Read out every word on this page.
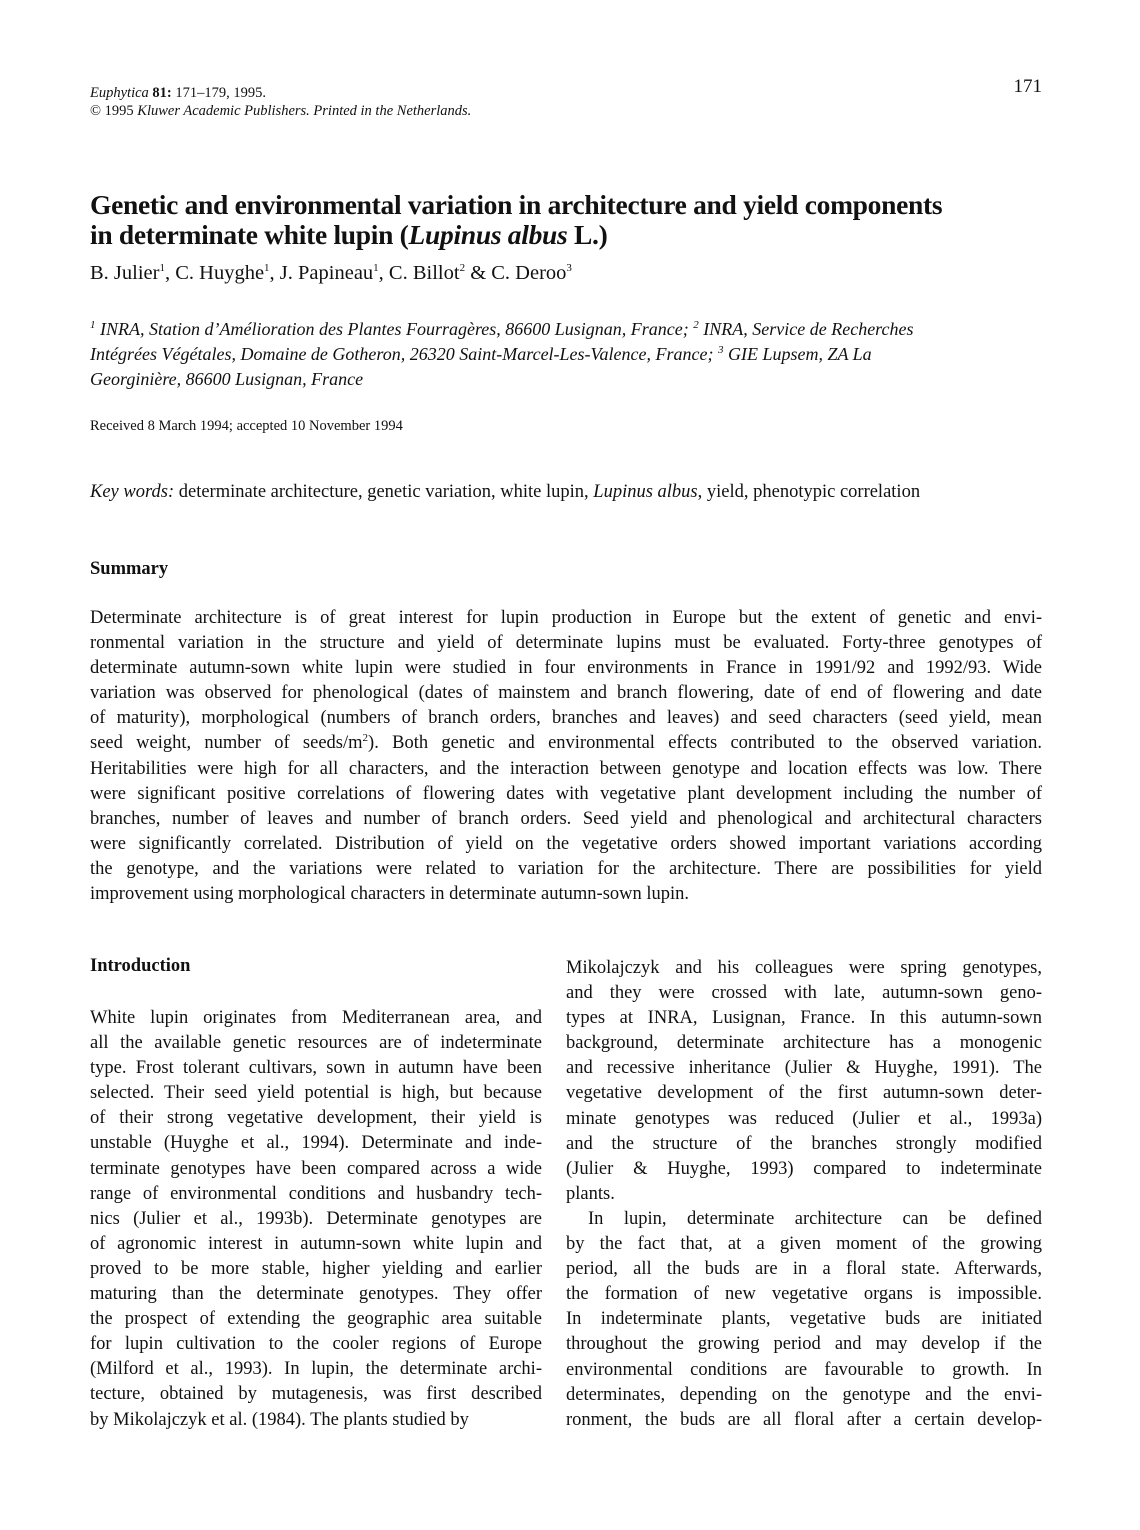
Euphytica 81: 171–179, 1995.
© 1995 Kluwer Academic Publishers. Printed in the Netherlands.
171
Genetic and environmental variation in architecture and yield components
in determinate white lupin (Lupinus albus L.)
B. Julier$^1$, C. Huyghe$^1$, J. Papineau$^1$, C. Billot$^2$ & C. Deroo$^3$
$^1$ INRA, Station d’Amélioration des Plantes Fourragères, 86600 Lusignan, France; $^2$ INRA, Service de Recherches
Intégrées Végétales, Domaine de Gotheron, 26320 Saint-Marcel-Les-Valence, France; $^3$ GIE Lupsem, ZA La
Georginière, 86600 Lusignan, France
Received 8 March 1994; accepted 10 November 1994
Key words: determinate architecture, genetic variation, white lupin, Lupinus albus, yield, phenotypic correlation
Summary
Determinate architecture is of great interest for lupin production in Europe but the extent of genetic and envi-
ronmental variation in the structure and yield of determinate lupins must be evaluated. Forty-three genotypes of
determinate autumn-sown white lupin were studied in four environments in France in 1991/92 and 1992/93. Wide
variation was observed for phenological (dates of mainstem and branch flowering, date of end of flowering and date
of maturity), morphological (numbers of branch orders, branches and leaves) and seed characters (seed yield, mean
seed weight, number of seeds/$m^2$). Both genetic and environmental effects contributed to the observed variation.
Heritabilities were high for all characters, and the interaction between genotype and location effects was low. There
were significant positive correlations of flowering dates with vegetative plant development including the number of
branches, number of leaves and number of branch orders. Seed yield and phenological and architectural characters
were significantly correlated. Distribution of yield on the vegetative orders showed important variations according
the genotype, and the variations were related to variation for the architecture. There are possibilities for yield
improvement using morphological characters in determinate autumn-sown lupin.
Introduction
White lupin originates from Mediterranean area, and
all the available genetic resources are of indeterminate
type. Frost tolerant cultivars, sown in autumn have been
selected. Their seed yield potential is high, but because
of their strong vegetative development, their yield is
unstable (Huyghe et al., 1994). Determinate and inde-
terminate genotypes have been compared across a wide
range of environmental conditions and husbandry tech-
nics (Julier et al., 1993b). Determinate genotypes are
of agronomic interest in autumn-sown white lupin and
proved to be more stable, higher yielding and earlier
maturing than the determinate genotypes. They offer
the prospect of extending the geographic area suitable
for lupin cultivation to the cooler regions of Europe
(Milford et al., 1993). In lupin, the determinate archi-
tecture, obtained by mutagenesis, was first described
by Mikolajczyk et al. (1984). The plants studied by
Mikolajczyk and his colleagues were spring genotypes,
and they were crossed with late, autumn-sown geno-
types at INRA, Lusignan, France. In this autumn-sown
background, determinate architecture has a monogenic
and recessive inheritance (Julier & Huyghe, 1991). The
vegetative development of the first autumn-sown deter-
minate genotypes was reduced (Julier et al., 1993a)
and the structure of the branches strongly modified
(Julier & Huyghe, 1993) compared to indeterminate
plants.
In lupin, determinate architecture can be defined
by the fact that, at a given moment of the growing
period, all the buds are in a floral state. Afterwards,
the formation of new vegetative organs is impossible.
In indeterminate plants, vegetative buds are initiated
throughout the growing period and may develop if the
environmental conditions are favourable to growth. In
determinates, depending on the genotype and the envi-
ronment, the buds are all floral after a certain develop-
